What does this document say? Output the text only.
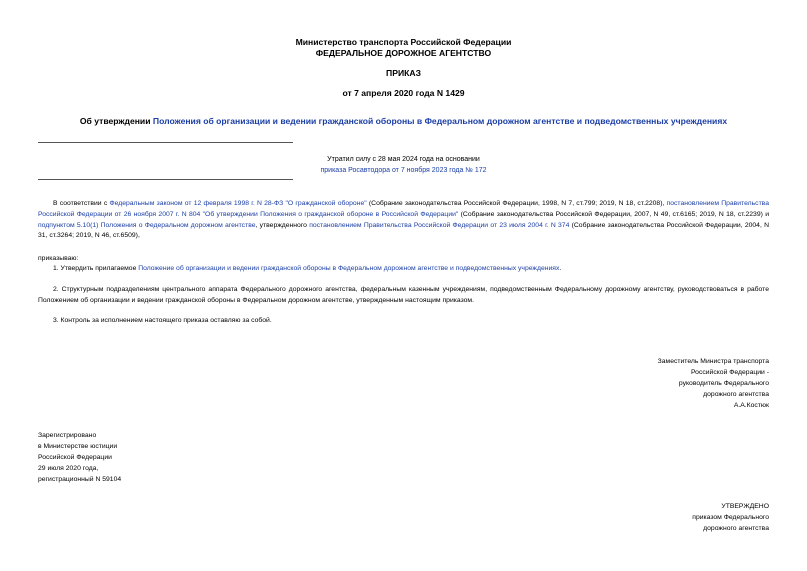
Министерство транспорта Российской Федерации
ФЕДЕРАЛЬНОЕ ДОРОЖНОЕ АГЕНТСТВО
ПРИКАЗ
от 7 апреля 2020 года N 1429
Об утверждении Положения об организации и ведении гражданской обороны в Федеральном дорожном агентстве и подведомственных учреждениях
Утратил силу с 28 мая 2024 года на основании
приказа Росавтодора от 7 ноября 2023 года № 172
В соответствии с Федеральным законом от 12 февраля 1998 г. N 28-ФЗ "О гражданской обороне" (Собрание законодательства Российской Федерации, 1998, N 7, ст.799; 2019, N 18, ст.2208), постановлением Правительства Российской Федерации от 26 ноября 2007 г. N 804 "Об утверждении Положения о гражданской обороне в Российской Федерации" (Собрание законодательства Российской Федерации, 2007, N 49, ст.6165; 2019, N 18, ст.2239) и подпунктом 5.10(1) Положения о Федеральном дорожном агентстве, утвержденного постановлением Правительства Российской Федерации от 23 июля 2004 г. N 374 (Собрание законодательства Российской Федерации, 2004, N 31, ст.3264; 2019, N 46, ст.6509),
приказываю:
1. Утвердить прилагаемое Положение об организации и ведении гражданской обороны в Федеральном дорожном агентстве и подведомственных учреждениях.
2. Структурным подразделениям центрального аппарата Федерального дорожного агентства, федеральным казенным учреждениям, подведомственным Федеральному дорожному агентству, руководствоваться в работе Положением об организации и ведении гражданской обороны в Федеральном дорожном агентстве, утвержденным настоящим приказом.
3. Контроль за исполнением настоящего приказа оставляю за собой.
Заместитель Министра транспорта
Российской Федерации -
руководитель Федерального
дорожного агентства
А.А.Костюк
Зарегистрировано
в Министерстве юстиции
Российской Федерации
29 июля 2020 года,
регистрационный N 59104
УТВЕРЖДЕНО
приказом Федерального
дорожного агентства
